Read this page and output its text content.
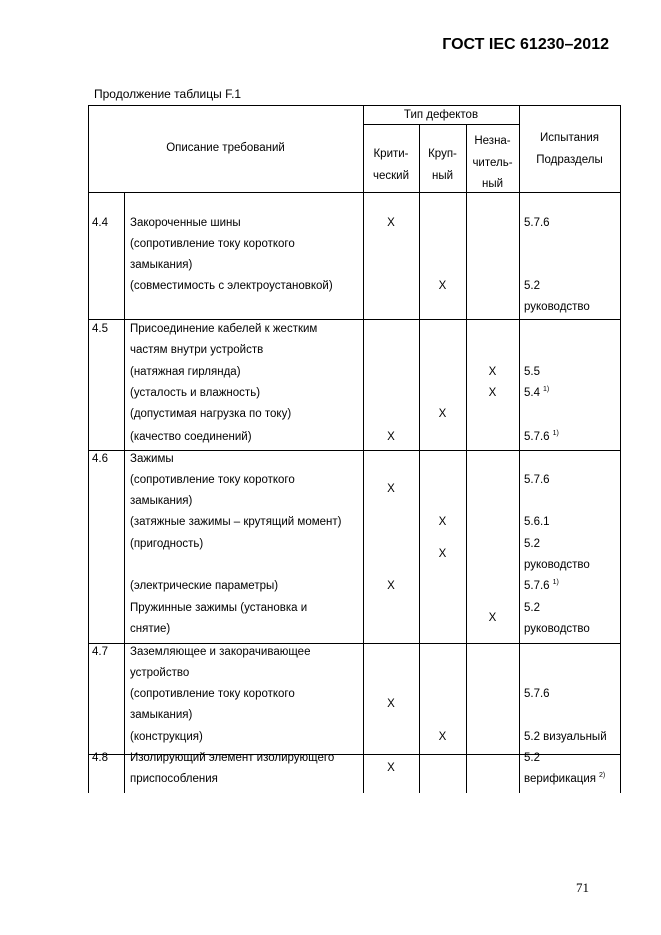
ГОСТ IEC 61230–2012
Продолжение таблицы F.1
Описание требований
Тип дефектов
Крити-
ческий
Круп-
ный
Незна-
читель-
ный
Испытания
Подразделы
4.4 Закороченные шины
(сопротивление току короткого
замыкания)
(совместимость с электроустановкой)
X
X
5.7.6
5.2
руководство
4.5 Присоединение кабелей к жестким
частям внутри устройств
(натяжная гирлянда)
(усталость и влажность)
(допустимая нагрузка по току)
(качество соединений)
X
X
X
X
5.5
5.4 $^{1)}$
5.7.6 $^{1)}$
4.6 Зажимы
(сопротивление току короткого
замыкания)
(затяжные зажимы – крутящий момент)
(пригодность)
(электрические параметры)
Пружинные зажимы (установка и
снятие)
X
X
X
X
X
5.7.6
5.6.1
5.2
руководство
5.7.6 $^{1)}$
5.2
руководство
4.7 Заземляющее и закорачивающее
устройство
(сопротивление току короткого
замыкания)
(конструкция)
X
X
5.7.6
5.2 визуальный
4.8 Изолирующий элемент изолирующего
приспособления
X
5.2
верификация $^{2)}$
71
